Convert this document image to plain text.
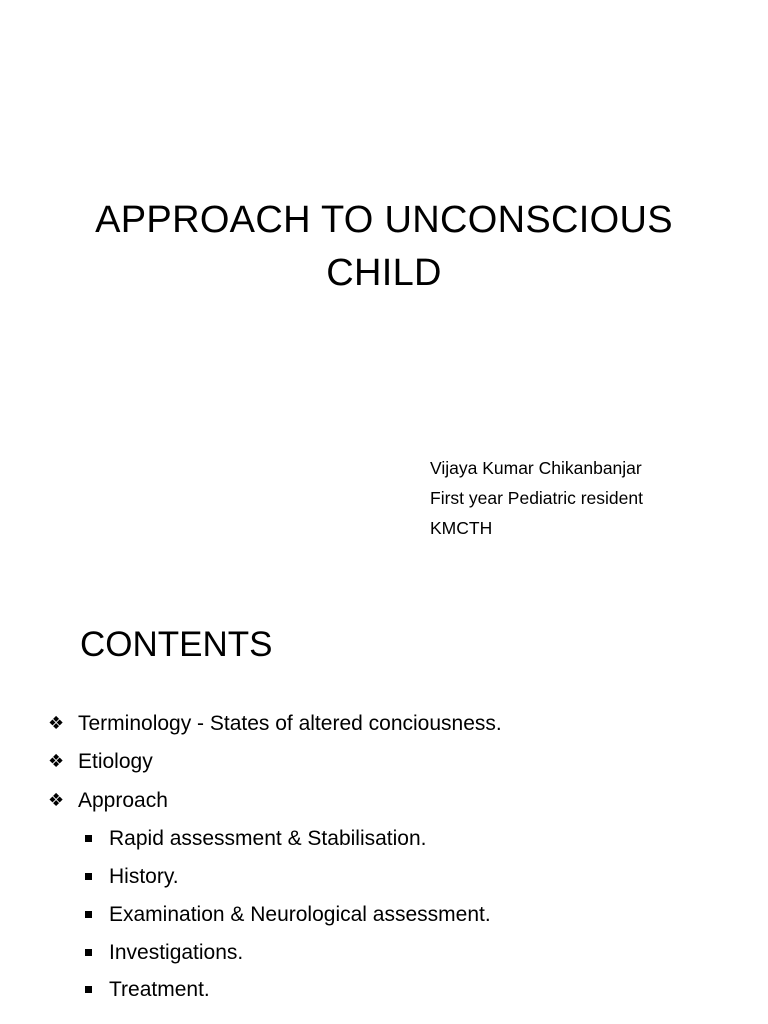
APPROACH TO UNCONSCIOUS
CHILD
Vijaya Kumar Chikanbanjar
First year Pediatric resident
KMCTH
CONTENTS
❖ Terminology - States of altered conciousness.
❖ Etiology
❖ Approach
Rapid assessment & Stabilisation.
History.
Examination & Neurological assessment.
Investigations.
Treatment.
